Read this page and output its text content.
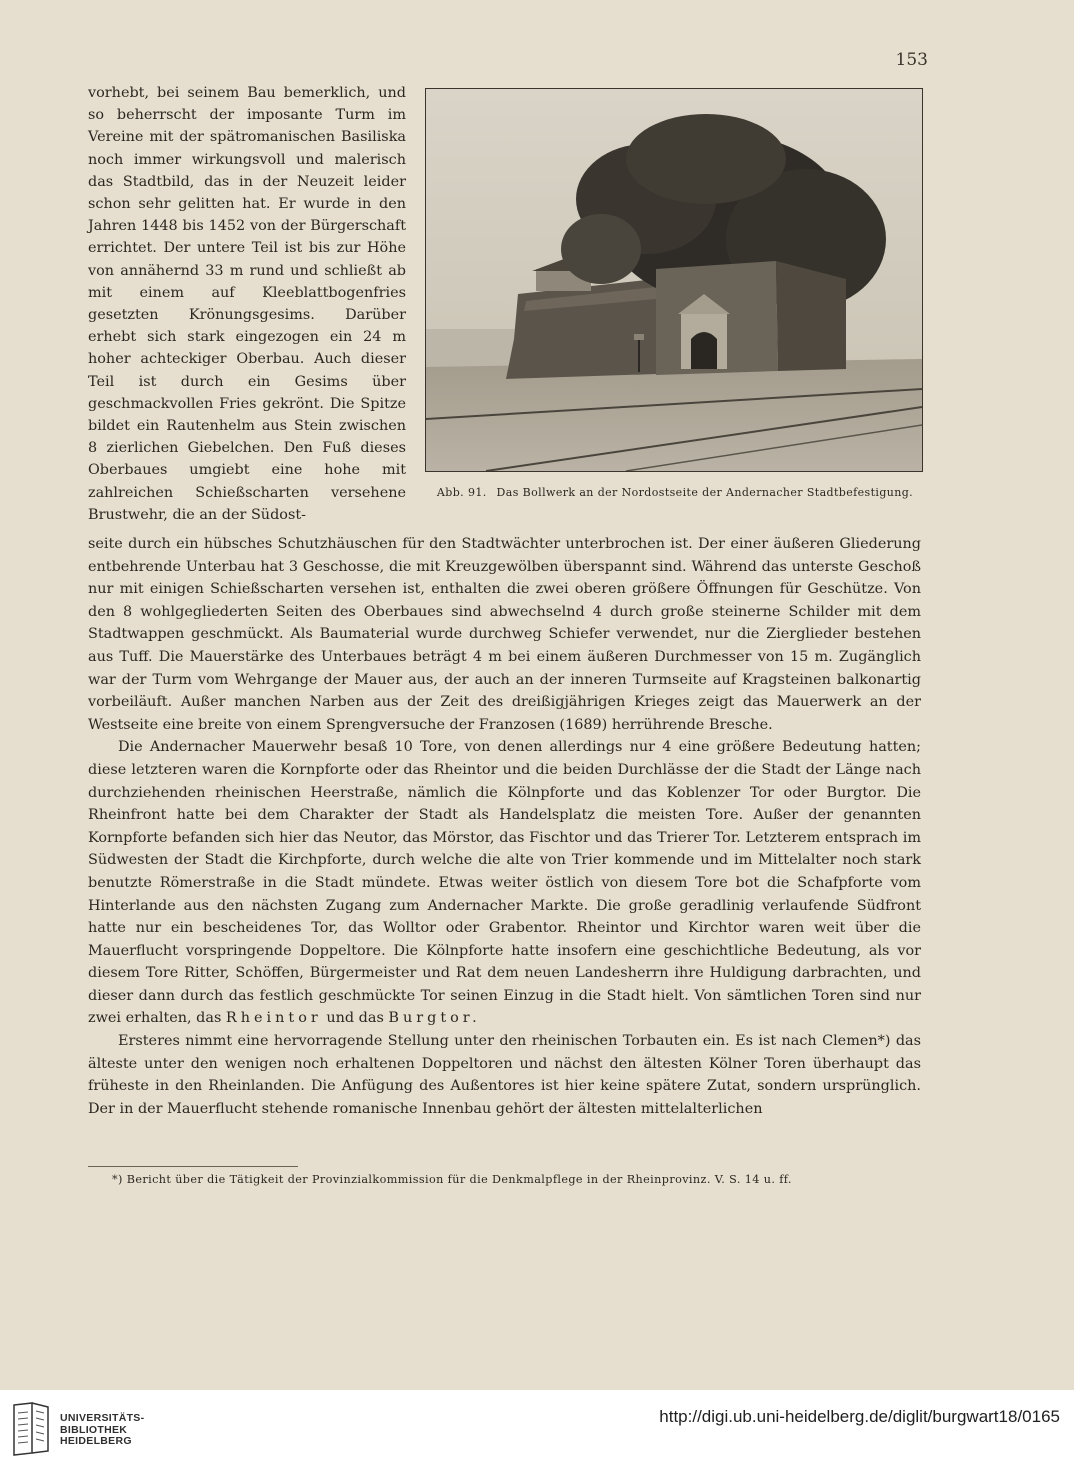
153

vorhebt, bei seinem Bau bemerklich, und so beherrscht der imposante Turm im Vereine mit der spätromanischen Basiliska noch immer wirkungsvoll und malerisch das Stadtbild, das in der Neuzeit leider schon sehr gelitten hat. Er wurde in den Jahren 1448 bis 1452 von der Bürgerschaft errichtet. Der untere Teil ist bis zur Höhe von annähernd 33 m rund und schließt ab mit einem auf Kleeblattbogenfries gesetzten Krönungsgesims. Darüber erhebt sich stark eingezogen ein 24 m hoher achteckiger Oberbau. Auch dieser Teil ist durch ein Gesims über geschmackvollen Fries gekrönt. Die Spitze bildet ein Rautenhelm aus Stein zwischen 8 zierlichen Giebelchen. Den Fuß dieses Oberbaues umgiebt eine hohe mit zahlreichen Schießscharten versehene Brustwehr, die an der Südost-

Abb. 91. Das Bollwerk an der Nordostseite der Andernacher Stadtbefestigung.

seite durch ein hübsches Schutzhäuschen für den Stadtwächter unterbrochen ist. Der einer äußeren Gliederung entbehrende Unterbau hat 3 Geschosse, die mit Kreuzgewölben überspannt sind. Während das unterste Geschoß nur mit einigen Schießscharten versehen ist, enthalten die zwei oberen größere Öffnungen für Geschütze. Von den 8 wohlgegliederten Seiten des Oberbaues sind abwechselnd 4 durch große steinerne Schilder mit dem Stadtwappen geschmückt. Als Baumaterial wurde durchweg Schiefer verwendet, nur die Zierglieder bestehen aus Tuff. Die Mauerstärke des Unterbaues beträgt 4 m bei einem äußeren Durchmesser von 15 m. Zugänglich war der Turm vom Wehrgange der Mauer aus, der auch an der inneren Turmseite auf Kragsteinen balkonartig vorbeiläuft. Außer manchen Narben aus der Zeit des dreißigjährigen Krieges zeigt das Mauerwerk an der Westseite eine breite von einem Sprengversuche der Franzosen (1689) herrührende Bresche.

Die Andernacher Mauerwehr besaß 10 Tore, von denen allerdings nur 4 eine größere Bedeutung hatten; diese letzteren waren die Kornpforte oder das Rheintor und die beiden Durchlässe der die Stadt der Länge nach durchziehenden rheinischen Heerstraße, nämlich die Kölnpforte und das Koblenzer Tor oder Burgtor. Die Rheinfront hatte bei dem Charakter der Stadt als Handelsplatz die meisten Tore. Außer der genannten Kornpforte befanden sich hier das Neutor, das Mörstor, das Fischtor und das Trierer Tor. Letzterem entsprach im Südwesten der Stadt die Kirchpforte, durch welche die alte von Trier kommende und im Mittelalter noch stark benutzte Römerstraße in die Stadt mündete. Etwas weiter östlich von diesem Tore bot die Schafpforte vom Hinterlande aus den nächsten Zugang zum Andernacher Markte. Die große geradlinig verlaufende Südfront hatte nur ein bescheidenes Tor, das Wolltor oder Grabentor. Rheintor und Kirchtor waren weit über die Mauerflucht vorspringende Doppeltore. Die Kölnpforte hatte insofern eine geschichtliche Bedeutung, als vor diesem Tore Ritter, Schöffen, Bürgermeister und Rat dem neuen Landesherrn ihre Huldigung darbrachten, und dieser dann durch das festlich geschmückte Tor seinen Einzug in die Stadt hielt. Von sämtlichen Toren sind nur zwei erhalten, das Rheintor und das Burgtor.

Ersteres nimmt eine hervorragende Stellung unter den rheinischen Torbauten ein. Es ist nach Clemen*) das älteste unter den wenigen noch erhaltenen Doppeltoren und nächst den ältesten Kölner Toren überhaupt das früheste in den Rheinlanden. Die Anfügung des Außentores ist hier keine spätere Zutat, sondern ursprünglich. Der in der Mauerflucht stehende romanische Innenbau gehört der ältesten mittelalterlichen

*) Bericht über die Tätigkeit der Provinzialkommission für die Denkmalpflege in der Rheinprovinz. V. S. 14 u. ff.
UNIVERSITÄTS-
BIBLIOTHEK
HEIDELBERG
http://digi.ub.uni-heidelberg.de/diglit/burgwart18/0165
